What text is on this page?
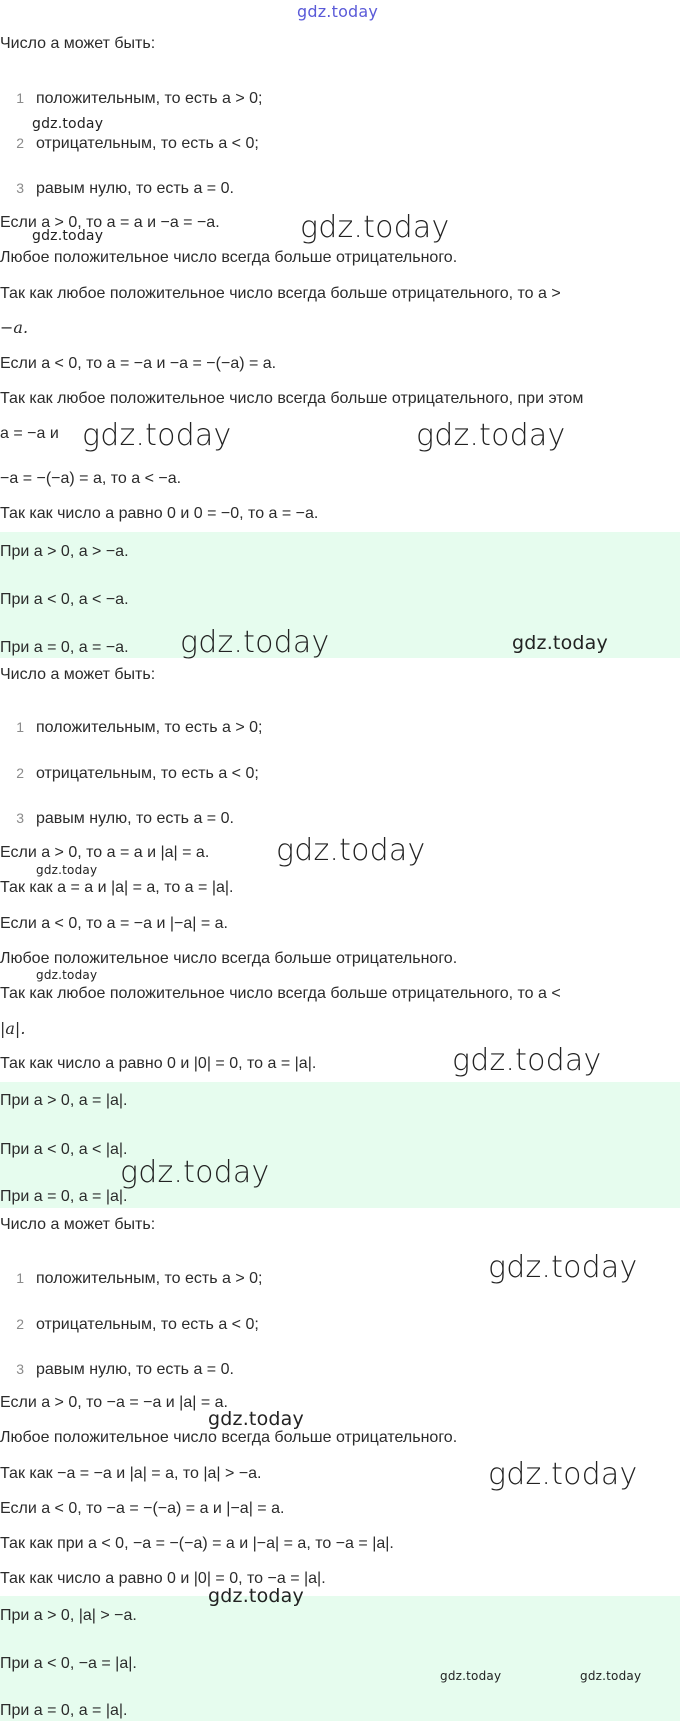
gdz.today
Число a может быть:
1 положительным, то есть a > 0;
2 отрицательным, то есть a < 0;
3 равым нулю, то есть a = 0.
Если a > 0, то a = a и −a = −a.
Любое положительное число всегда больше отрицательного.
Так как любое положительное число всегда больше отрицательного, то a >
−a.
Если a < 0, то a = −a и −a = −(−a) = a.
Так как любое положительное число всегда больше отрицательного, при этом
a = −a и
−a = −(−a) = a, то a < −a.
Так как число a равно 0 и 0 = −0, то a = −a.
При a > 0, a > −a.
При a < 0, a < −a.
При a = 0, a = −a.
Число a может быть:
1 положительным, то есть a > 0;
2 отрицательным, то есть a < 0;
3 равым нулю, то есть a = 0.
Если a > 0, то a = a и |a| = a.
Так как a = a и |a| = a, то a = |a|.
Если a < 0, то a = −a и |−a| = a.
Любое положительное число всегда больше отрицательного.
Так как любое положительное число всегда больше отрицательного, то a <
|a|.
Так как число a равно 0 и |0| = 0, то a = |a|.
При a > 0, a = |a|.
При a < 0, a < |a|.
При a = 0, a = |a|.
Число a может быть:
1 положительным, то есть a > 0;
2 отрицательным, то есть a < 0;
3 равым нулю, то есть a = 0.
Если a > 0, то −a = −a и |a| = a.
Любое положительное число всегда больше отрицательного.
Так как −a = −a и |a| = a, то |a| > −a.
Если a < 0, то −a = −(−a) = a и |−a| = a.
Так как при a < 0, −a = −(−a) = a и |−a| = a, то −a = |a|.
Так как число a равно 0 и |0| = 0, то −a = |a|.
При a > 0, |a| > −a.
При a < 0, −a = |a|.
При a = 0, a = |a|.
gdz.today
gdz.today
gdz.today
gdz.today	gdz.today
gdz.today	gdz.today
gdz.today
gdz.today
gdz.today
gdz.today
gdz.today
gdz.today
gdz.today
gdz.today
gdz.today
gdz.today	gdz.today
